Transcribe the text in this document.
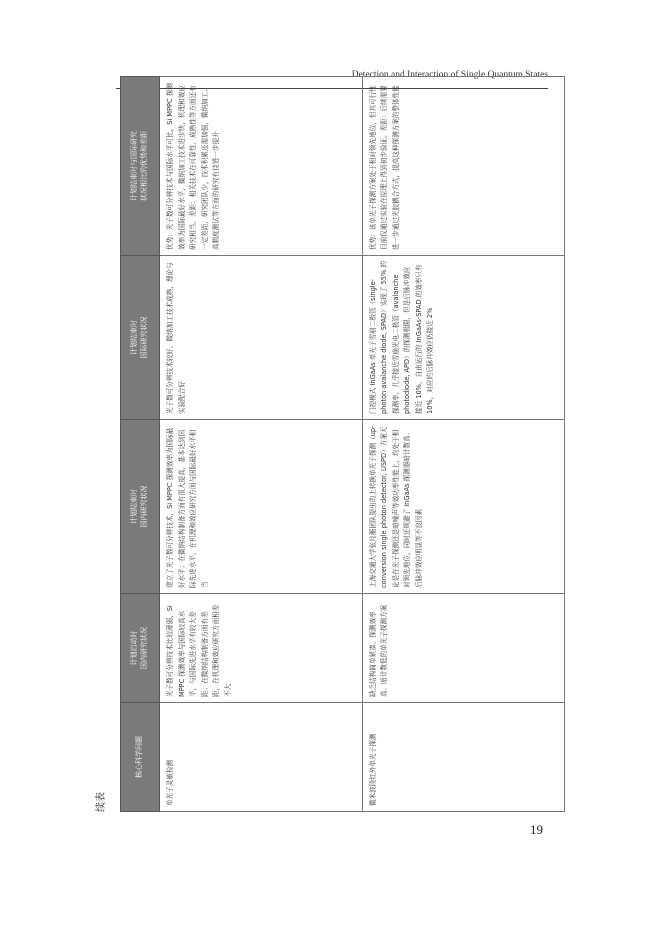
Detection and Interaction of Single Quantum States
续表
核心科学问题	计划启动时 国内研究状况	计划结束时 国内研究状况	计划结束时 国际研究状况	计划结束时与国际研究 状况相比的优势和差距

单光子灵敏检测	光子数可分辨技术比较薄弱，Si MPPC 探测效率与国际较高水平，与国际先进水平有较大差距；在微纳结构制备方面有差距，在机理和效应研究方面相差不大	建立了光子数可分辨技术，Si MPPC 探测效率为国际最好水平；在微纳结构制备方面有很大提高，基本达到国际先进水平，在机理和效应研究方面与国际最好水平相当	光子数可分辨技术较好，微纳加工技术成熟，理论与实验配合好	优势：光子数可分辨技术与国际水平可比，Si MPPC 探测效率为国际最好水平，微纳加工技术进步快，机理和效应研究相当。差距：相关技术在可靠性、成熟性等方面还有一定差距，研究团队少，技术积累还需加强，微纳加工、高精度测试等方面的研究有待进一步提升
微米波段红外单光子探测	缺乏结构简单紧凑、探测效率高、暗计数低的单光子探测方案	上海交通大学张月蘅团队提出的上转换单光子探测（up-conversion single photon detector, USPD）方案无论是在光子探测还是暗噪声等效功率性能上，均处于相对领先地位，同时还规避了 InGaAs 探测器暗计数高、后脉冲效应明显等不良因素	门控模式 InGaAs 单光子雪崩二极管（single-photon avalanche diode, SPAD）实现了 55% 的探测率，几乎接近雪崩光电二极管（avalanche photodiode, APD）的探测极限，但是后脉冲效应接近 10%，自由运行的 InGaAs-SPAD 的效率只有 10%，对应的后脉冲效应仍接近 2%	优势：该单光子探测方案处于相对领先地位，但其可行性目前仅通过实验在原理上得到初步验证。差距：后续需要进一步通过光胶耦合方式，提高这种探测方案的整体性能
19
